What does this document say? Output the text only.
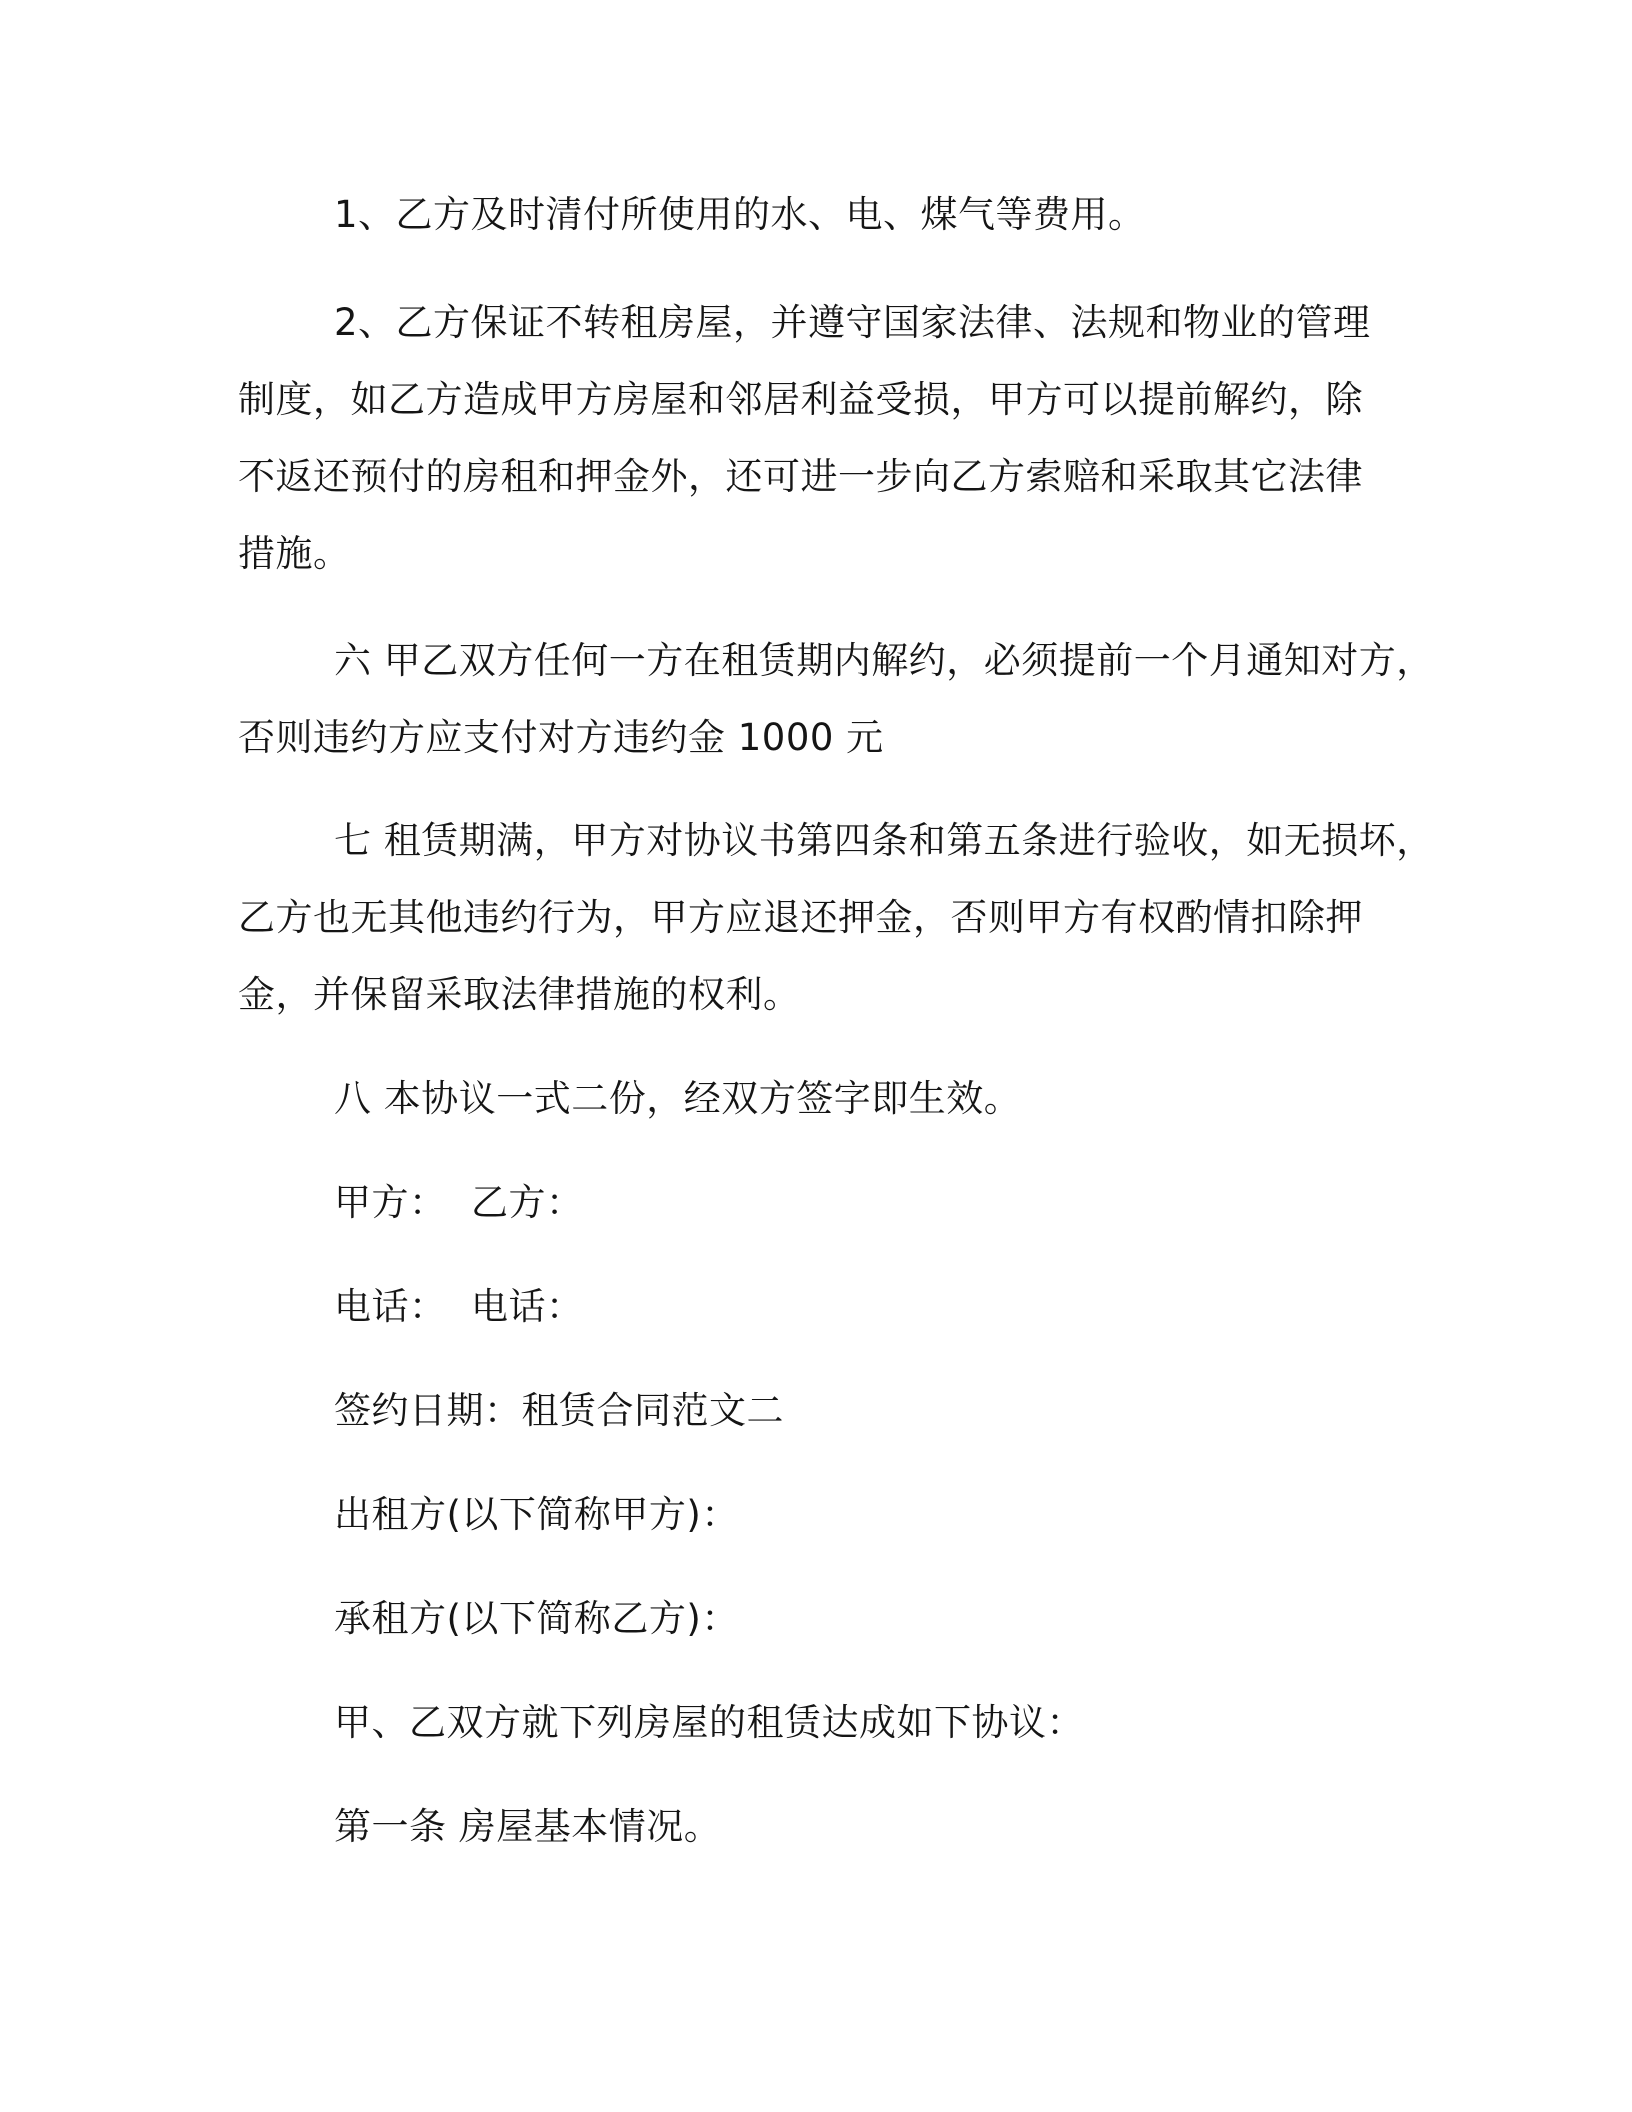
1、乙方及时清付所使用的水、电、煤气等费用。
2、乙方保证不转租房屋，并遵守国家法律、法规和物业的管理
制度，如乙方造成甲方房屋和邻居利益受损，甲方可以提前解约，除
不返还预付的房租和押金外，还可进一步向乙方索赔和采取其它法律
措施。
六 甲乙双方任何一方在租赁期内解约，必须提前一个月通知对方，
否则违约方应支付对方违约金 1000 元
七 租赁期满，甲方对协议书第四条和第五条进行验收，如无损坏，
乙方也无其他违约行为，甲方应退还押金，否则甲方有权酌情扣除押
金，并保留采取法律措施的权利。
八 本协议一式二份，经双方签字即生效。
甲方：  乙方：
电话：  电话：
签约日期：租赁合同范文二
出租方(以下简称甲方)：
承租方(以下简称乙方)：
甲、乙双方就下列房屋的租赁达成如下协议：
第一条 房屋基本情况。
